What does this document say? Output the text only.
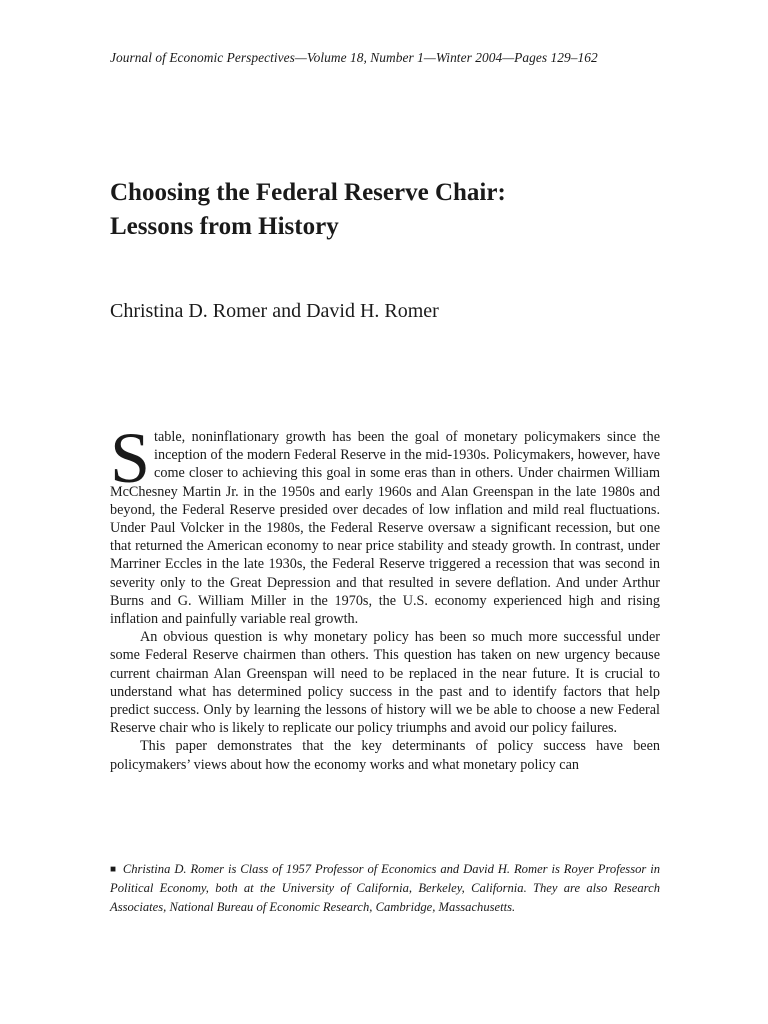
Journal of Economic Perspectives—Volume 18, Number 1—Winter 2004—Pages 129–162
Choosing the Federal Reserve Chair:
Lessons from History
Christina D. Romer and David H. Romer

Stable, noninflationary growth has been the goal of monetary policymakers since the inception of the modern Federal Reserve in the mid-1930s. Policymakers, however, have come closer to achieving this goal in some eras than in others. Under chairmen William McChesney Martin Jr. in the 1950s and early 1960s and Alan Greenspan in the late 1980s and beyond, the Federal Reserve presided over decades of low inflation and mild real fluctuations. Under Paul Volcker in the 1980s, the Federal Reserve oversaw a significant recession, but one that returned the American economy to near price stability and steady growth. In contrast, under Marriner Eccles in the late 1930s, the Federal Reserve triggered a recession that was second in severity only to the Great Depression and that resulted in severe deflation. And under Arthur Burns and G. William Miller in the 1970s, the U.S. economy experienced high and rising inflation and painfully variable real growth.

An obvious question is why monetary policy has been so much more successful under some Federal Reserve chairmen than others. This question has taken on new urgency because current chairman Alan Greenspan will need to be replaced in the near future. It is crucial to understand what has determined policy success in the past and to identify factors that help predict success. Only by learning the lessons of history will we be able to choose a new Federal Reserve chair who is likely to replicate our policy triumphs and avoid our policy failures.

This paper demonstrates that the key determinants of policy success have been policymakers’ views about how the economy works and what monetary policy can

■ Christina D. Romer is Class of 1957 Professor of Economics and David H. Romer is Royer Professor in Political Economy, both at the University of California, Berkeley, California. They are also Research Associates, National Bureau of Economic Research, Cambridge, Massachusetts.
